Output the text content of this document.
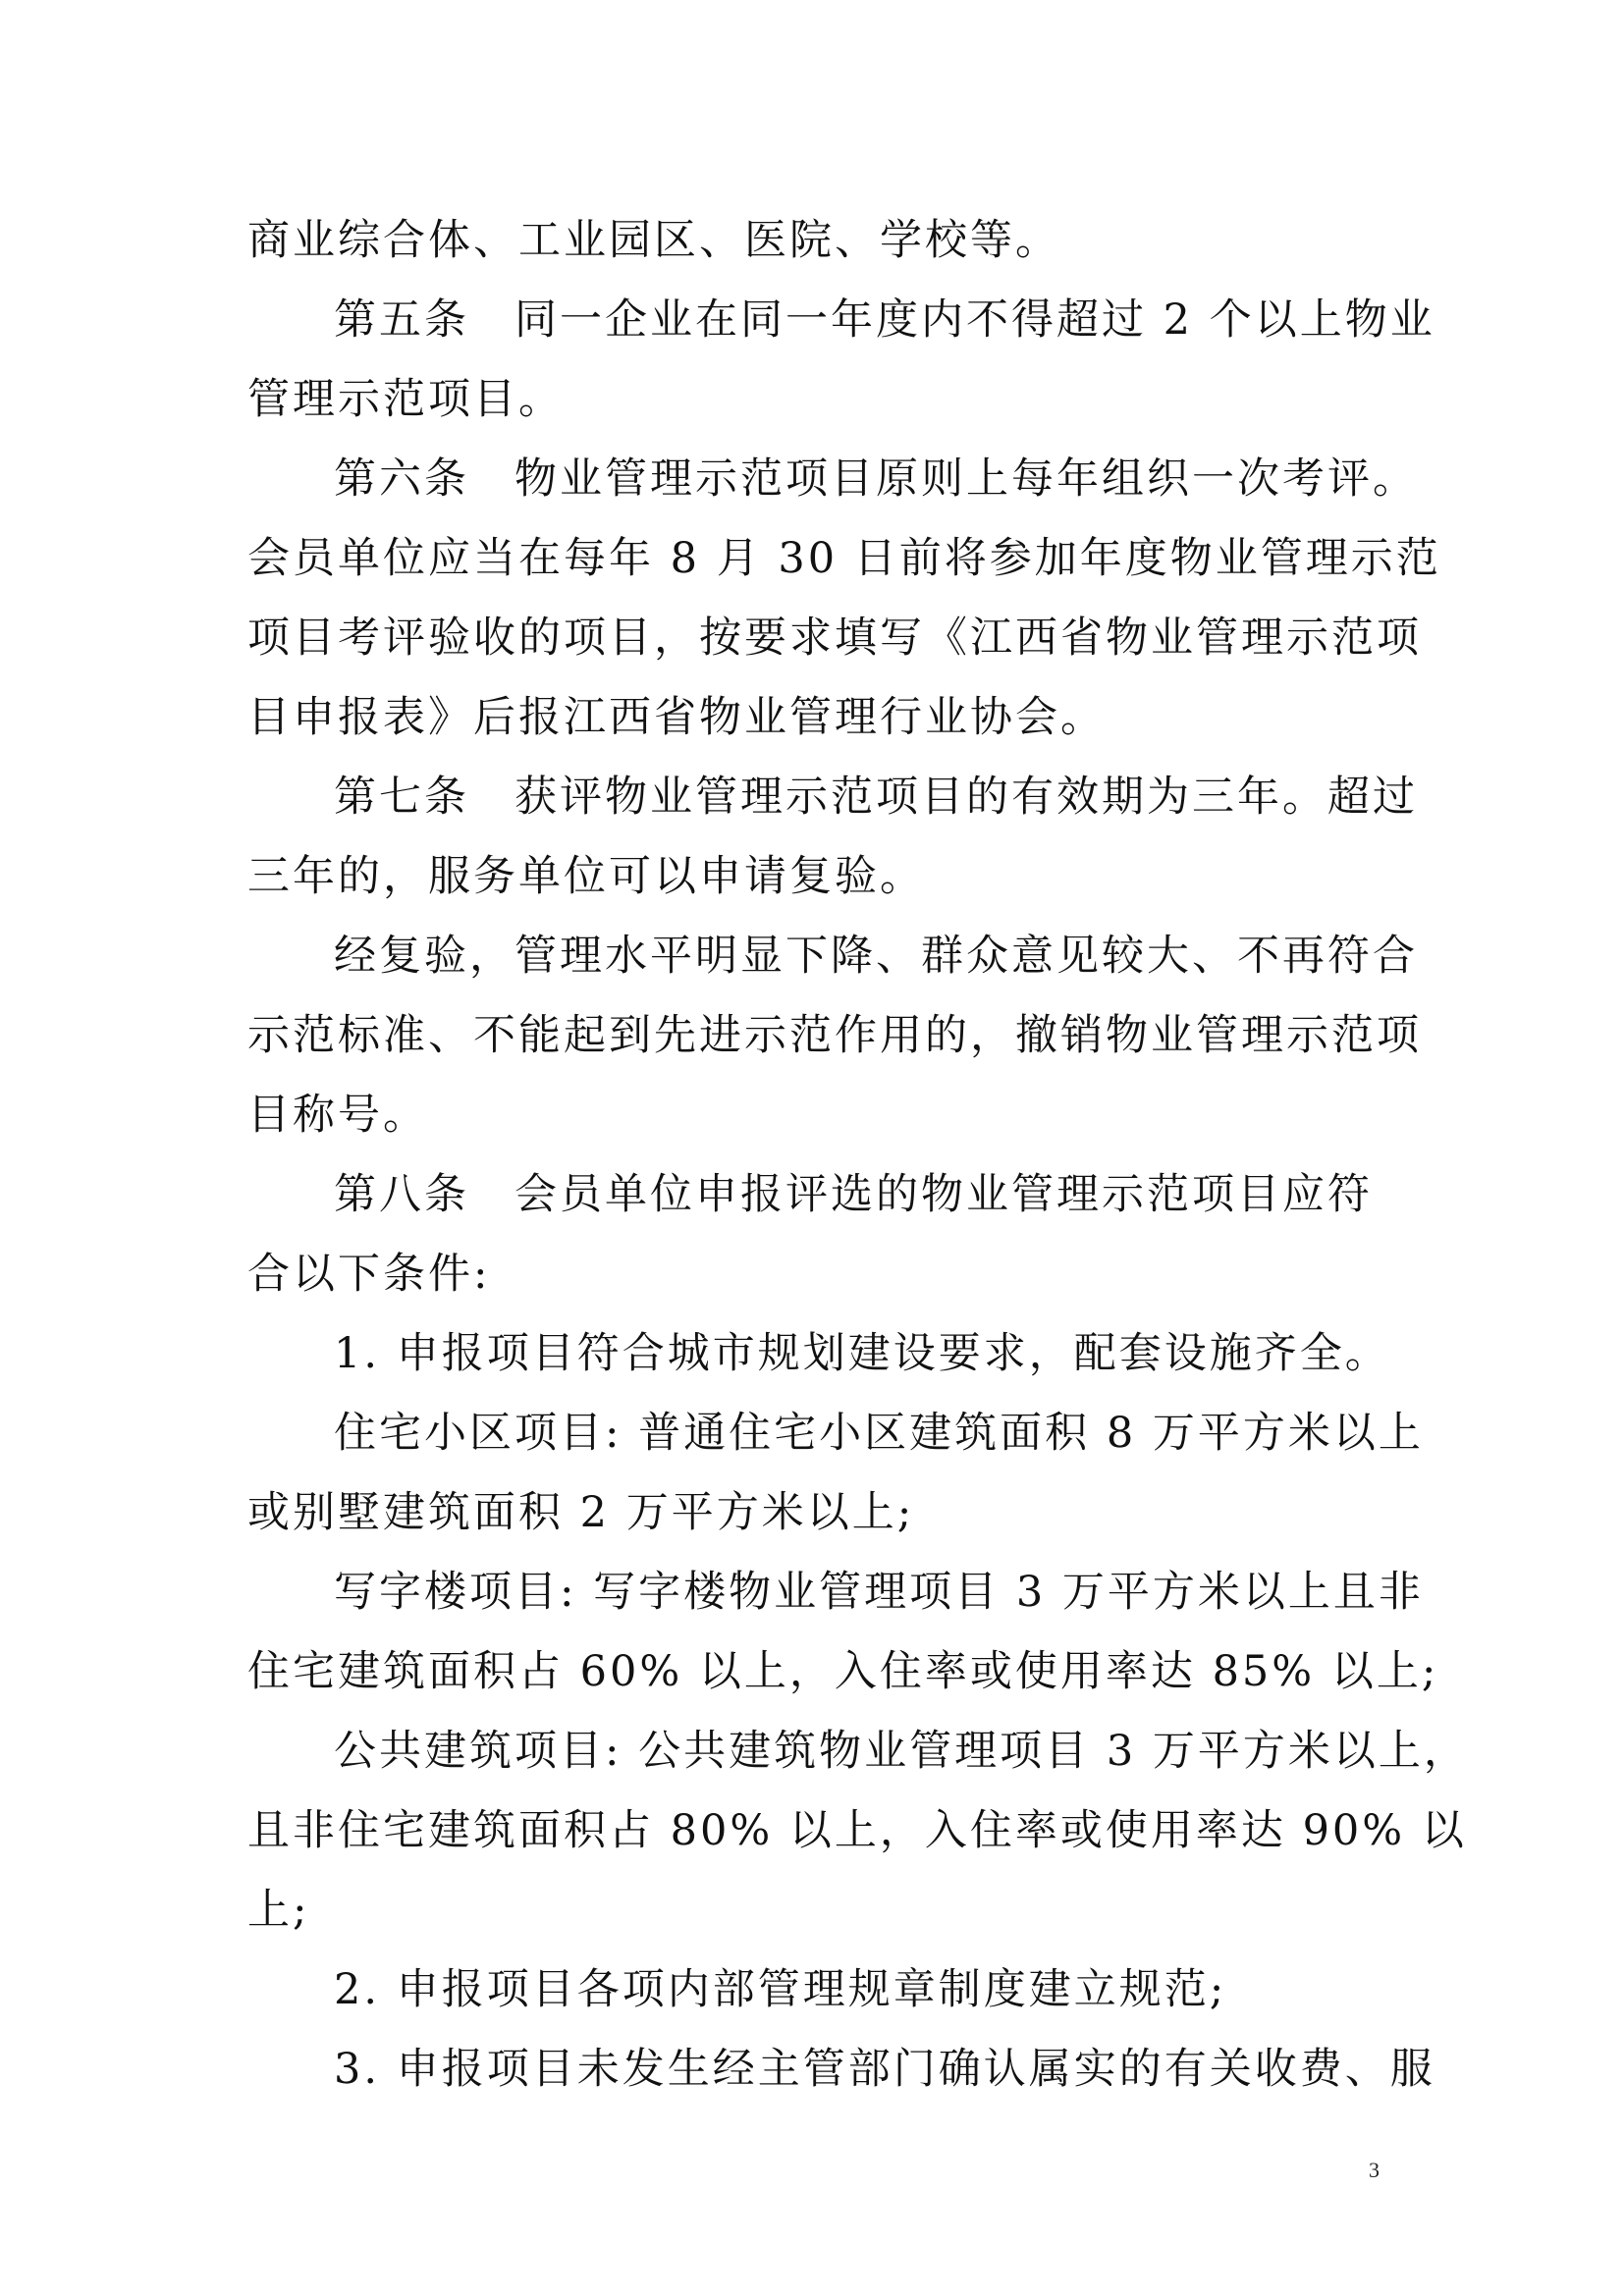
商业综合体、工业园区、医院、学校等。
第五条　同一企业在同一年度内不得超过 2 个以上物业
管理示范项目。
第六条　物业管理示范项目原则上每年组织一次考评。
会员单位应当在每年 8 月 30 日前将参加年度物业管理示范
项目考评验收的项目，按要求填写《江西省物业管理示范项
目申报表》后报江西省物业管理行业协会。
第七条　获评物业管理示范项目的有效期为三年。超过
三年的，服务单位可以申请复验。
经复验，管理水平明显下降、群众意见较大、不再符合
示范标准、不能起到先进示范作用的，撤销物业管理示范项
目称号。
第八条　会员单位申报评选的物业管理示范项目应符
合以下条件:
1. 申报项目符合城市规划建设要求，配套设施齐全。
住宅小区项目: 普通住宅小区建筑面积 8 万平方米以上
或别墅建筑面积 2 万平方米以上;
写字楼项目: 写字楼物业管理项目 3 万平方米以上且非
住宅建筑面积占 60% 以上，入住率或使用率达 85% 以上;
公共建筑项目: 公共建筑物业管理项目 3 万平方米以上，
且非住宅建筑面积占 80% 以上，入住率或使用率达 90% 以
上;
2. 申报项目各项内部管理规章制度建立规范;
3. 申报项目未发生经主管部门确认属实的有关收费、服
3
